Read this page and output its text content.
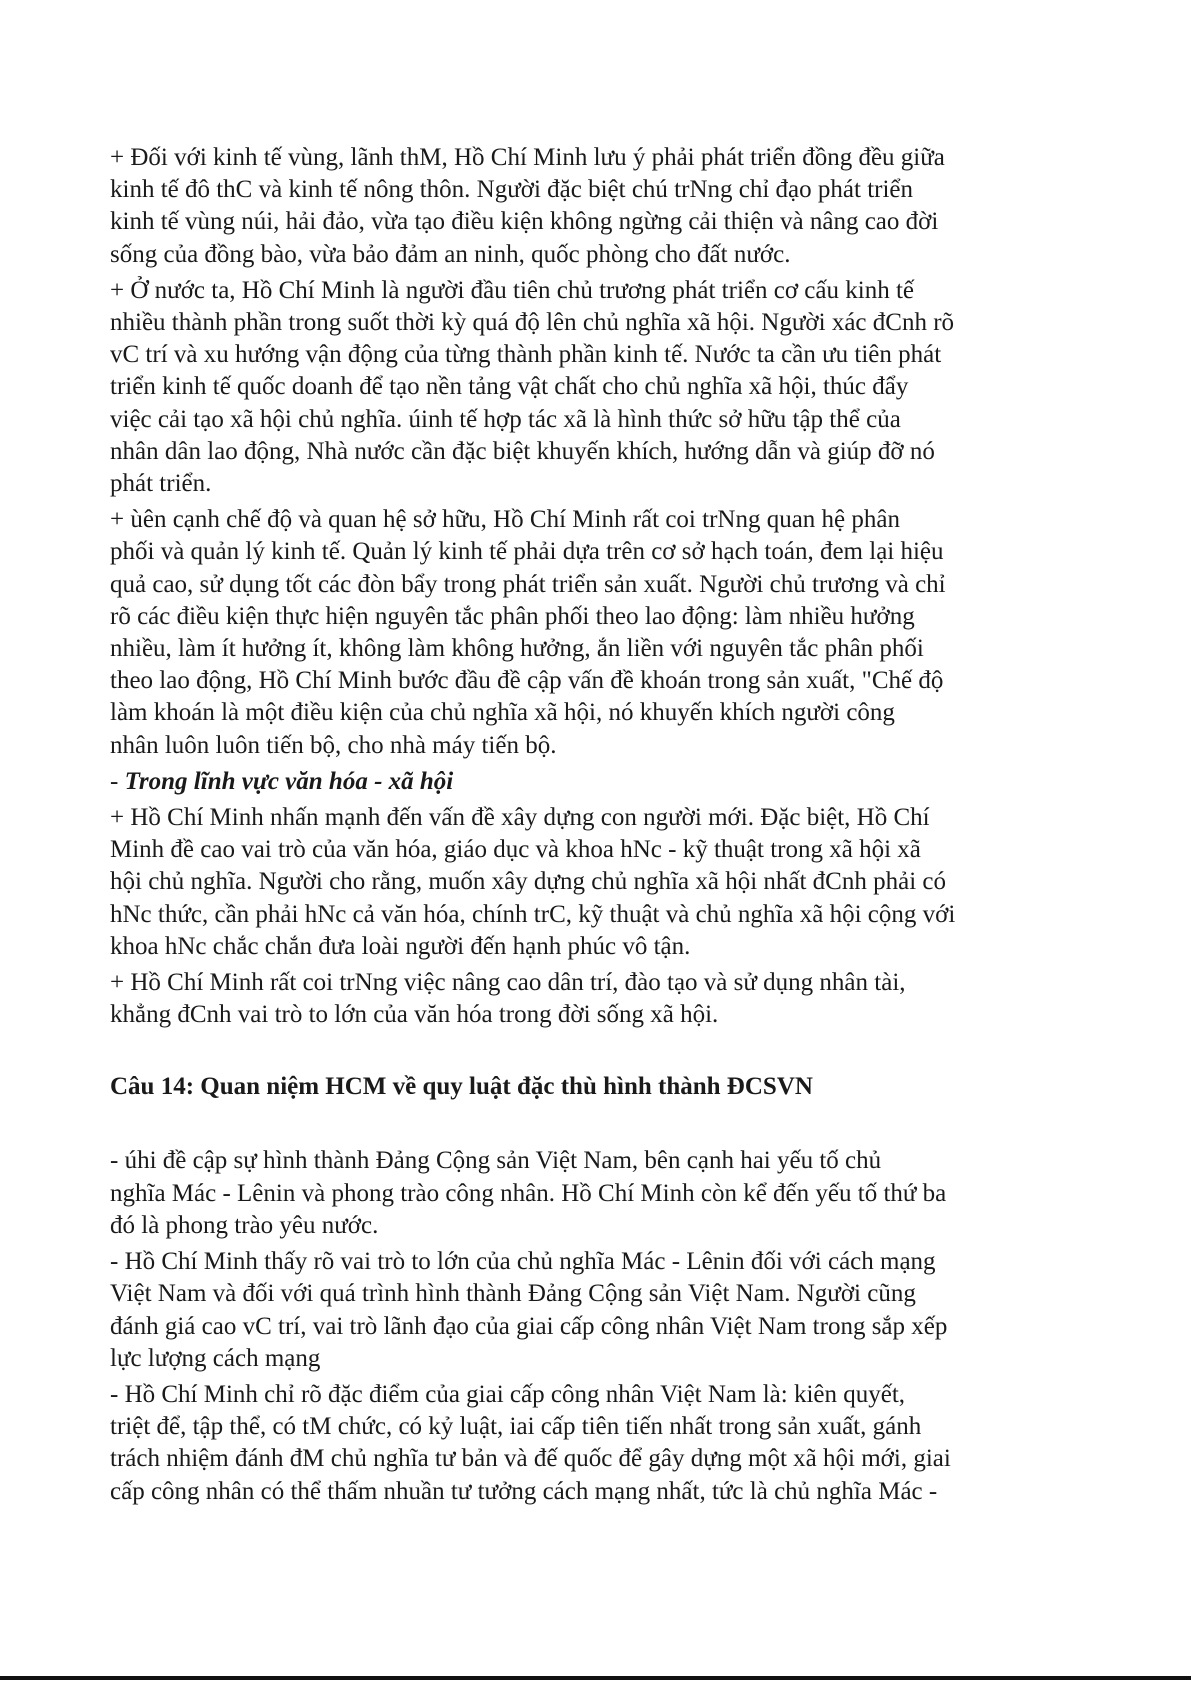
+ Đối với kinh tế vùng, lãnh thM, Hồ Chí Minh lưu ý phải phát triển đồng đều giữa
kinh tế đô thC và kinh tế nông thôn. Người đặc biệt chú trNng chỉ đạo phát triển
kinh tế vùng núi, hải đảo, vừa tạo điều kiện không ngừng cải thiện và nâng cao đời
sống của đồng bào, vừa bảo đảm an ninh, quốc phòng cho đất nước.
+ Ở nước ta, Hồ Chí Minh là người đầu tiên chủ trương phát triển cơ cấu kinh tế
nhiều thành phần trong suốt thời kỳ quá độ lên chủ nghĩa xã hội. Người xác đCnh rõ
vC trí và xu hướng vận động của từng thành phần kinh tế. Nước ta cần ưu tiên phát
triển kinh tế quốc doanh để tạo nền tảng vật chất cho chủ nghĩa xã hội, thúc đẩy
việc cải tạo xã hội chủ nghĩa. úinh tế hợp tác xã là hình thức sở hữu tập thể của
nhân dân lao động, Nhà nước cần đặc biệt khuyến khích, hướng dẫn và giúp đỡ nó
phát triển.
+ ùên cạnh chế độ và quan hệ sở hữu, Hồ Chí Minh rất coi trNng quan hệ phân
phối và quản lý kinh tế. Quản lý kinh tế phải dựa trên cơ sở hạch toán, đem lại hiệu
quả cao, sử dụng tốt các đòn bẩy trong phát triển sản xuất. Người chủ trương và chỉ
rõ các điều kiện thực hiện nguyên tắc phân phối theo lao động: làm nhiều hưởng
nhiều, làm ít hưởng ít, không làm không hưởng, ắn liền với nguyên tắc phân phối
theo lao động, Hồ Chí Minh bước đầu đề cập vấn đề khoán trong sản xuất, "Chế độ
làm khoán là một điều kiện của chủ nghĩa xã hội, nó khuyến khích người công
nhân luôn luôn tiến bộ, cho nhà máy tiến bộ.
- Trong lĩnh vực văn hóa - xã hội
+ Hồ Chí Minh nhấn mạnh đến vấn đề xây dựng con người mới. Đặc biệt, Hồ Chí
Minh đề cao vai trò của văn hóa, giáo dục và khoa hNc - kỹ thuật trong xã hội xã
hội chủ nghĩa. Người cho rằng, muốn xây dựng chủ nghĩa xã hội nhất đCnh phải có
hNc thức, cần phải hNc cả văn hóa, chính trC, kỹ thuật và chủ nghĩa xã hội cộng với
khoa hNc chắc chắn đưa loài người đến hạnh phúc vô tận.
+ Hồ Chí Minh rất coi trNng việc nâng cao dân trí, đào tạo và sử dụng nhân tài,
khẳng đCnh vai trò to lớn của văn hóa trong đời sống xã hội.
Câu 14: Quan niệm HCM về quy luật đặc thù hình thành ĐCSVN
- úhi đề cập sự hình thành Đảng Cộng sản Việt Nam, bên cạnh hai yếu tố chủ
nghĩa Mác - Lênin và phong trào công nhân. Hồ Chí Minh còn kể đến yếu tố thứ ba
đó là phong trào yêu nước.
- Hồ Chí Minh thấy rõ vai trò to lớn của chủ nghĩa Mác - Lênin đối với cách mạng
Việt Nam và đối với quá trình hình thành Đảng Cộng sản Việt Nam. Người cũng
đánh giá cao vC trí, vai trò lãnh đạo của giai cấp công nhân Việt Nam trong sắp xếp
lực lượng cách mạng
- Hồ Chí Minh chỉ rõ đặc điểm của giai cấp công nhân Việt Nam là: kiên quyết,
triệt để, tập thể, có tM chức, có kỷ luật, iai cấp tiên tiến nhất trong sản xuất, gánh
trách nhiệm đánh đM chủ nghĩa tư bản và đế quốc để gây dựng một xã hội mới, giai
cấp công nhân có thể thấm nhuần tư tưởng cách mạng nhất, tức là chủ nghĩa Mác -
